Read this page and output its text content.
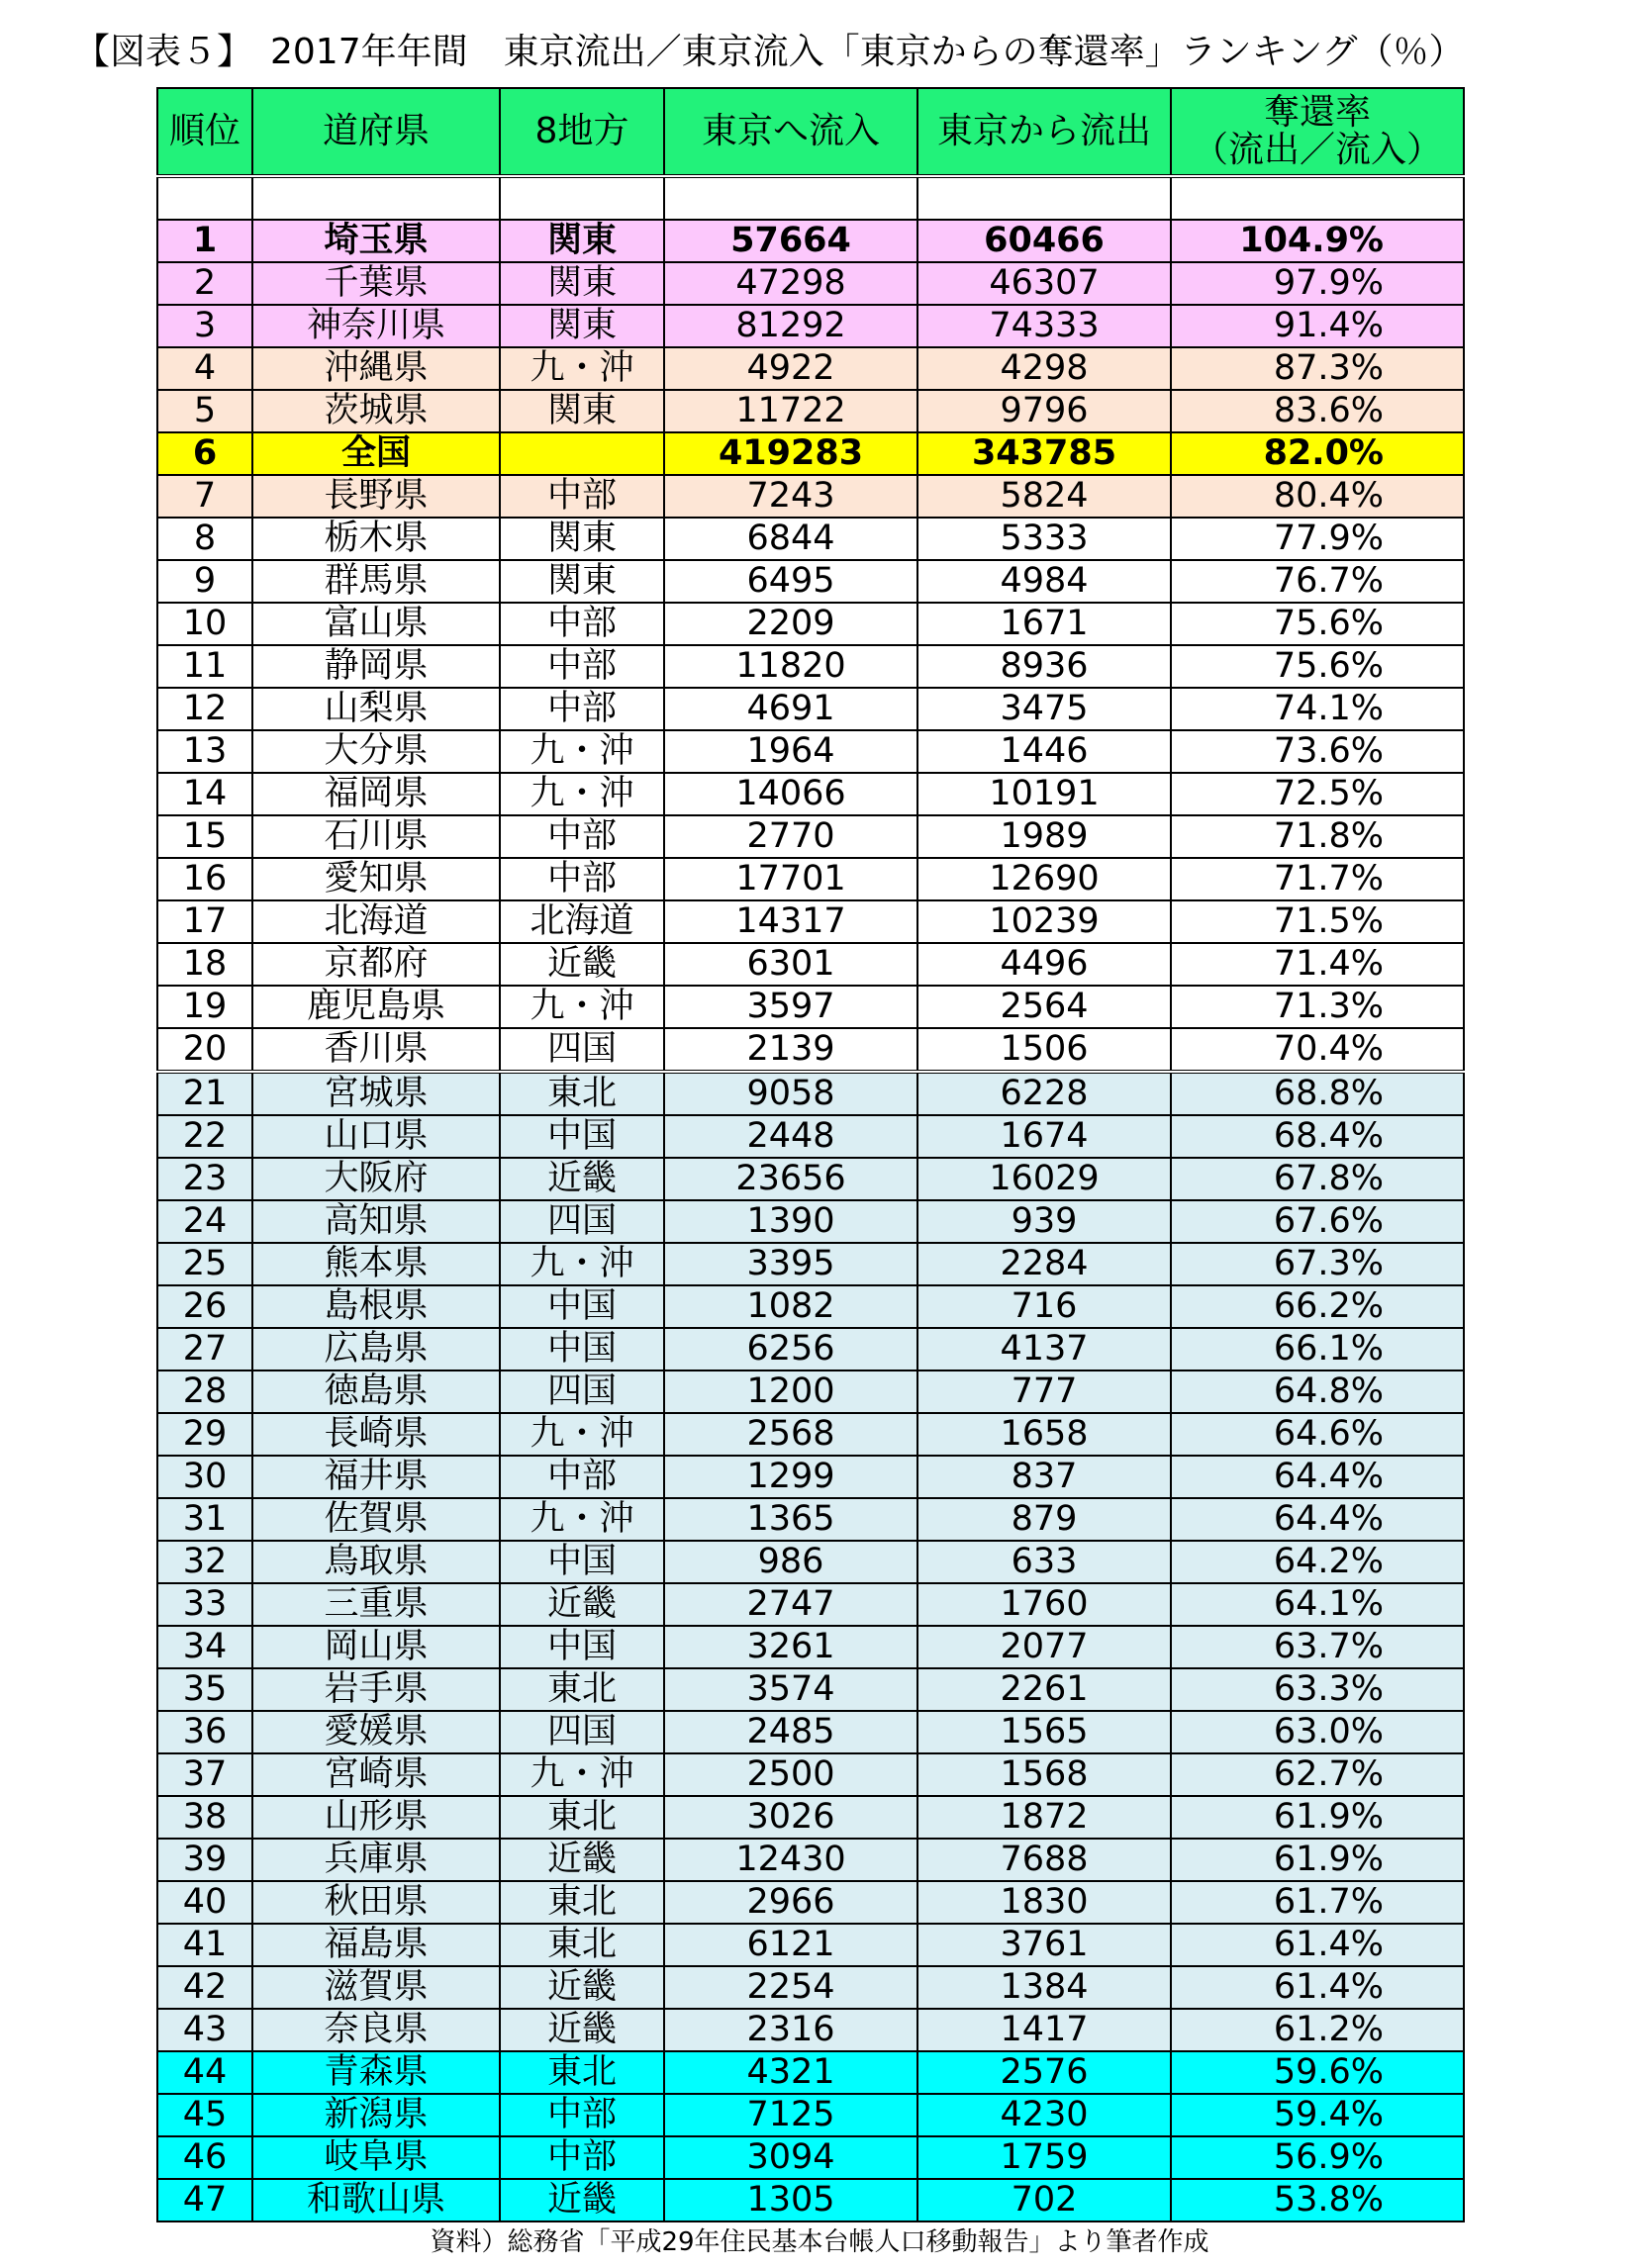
【図表５】　2017年年間　東京流出／東京流入「東京からの奪還率」ランキング（％）
順位	道府県	8地方	東京へ流入	東京から流出	奪還率
（流出／流入）

1	埼玉県	関東	57664	60466	104.9%
2	千葉県	関東	47298	46307	97.9%
3	神奈川県	関東	81292	74333	91.4%
4	沖縄県	九・沖	4922	4298	87.3%
5	茨城県	関東	11722	9796	83.6%
6	全国		419283	343785	82.0%
7	長野県	中部	7243	5824	80.4%
8	栃木県	関東	6844	5333	77.9%
9	群馬県	関東	6495	4984	76.7%
10	富山県	中部	2209	1671	75.6%
11	静岡県	中部	11820	8936	75.6%
12	山梨県	中部	4691	3475	74.1%
13	大分県	九・沖	1964	1446	73.6%
14	福岡県	九・沖	14066	10191	72.5%
15	石川県	中部	2770	1989	71.8%
16	愛知県	中部	17701	12690	71.7%
17	北海道	北海道	14317	10239	71.5%
18	京都府	近畿	6301	4496	71.4%
19	鹿児島県	九・沖	3597	2564	71.3%
20	香川県	四国	2139	1506	70.4%
21	宮城県	東北	9058	6228	68.8%
22	山口県	中国	2448	1674	68.4%
23	大阪府	近畿	23656	16029	67.8%
24	高知県	四国	1390	939	67.6%
25	熊本県	九・沖	3395	2284	67.3%
26	島根県	中国	1082	716	66.2%
27	広島県	中国	6256	4137	66.1%
28	徳島県	四国	1200	777	64.8%
29	長崎県	九・沖	2568	1658	64.6%
30	福井県	中部	1299	837	64.4%
31	佐賀県	九・沖	1365	879	64.4%
32	鳥取県	中国	986	633	64.2%
33	三重県	近畿	2747	1760	64.1%
34	岡山県	中国	3261	2077	63.7%
35	岩手県	東北	3574	2261	63.3%
36	愛媛県	四国	2485	1565	63.0%
37	宮崎県	九・沖	2500	1568	62.7%
38	山形県	東北	3026	1872	61.9%
39	兵庫県	近畿	12430	7688	61.9%
40	秋田県	東北	2966	1830	61.7%
41	福島県	東北	6121	3761	61.4%
42	滋賀県	近畿	2254	1384	61.4%
43	奈良県	近畿	2316	1417	61.2%
44	青森県	東北	4321	2576	59.6%
45	新潟県	中部	7125	4230	59.4%
46	岐阜県	中部	3094	1759	56.9%
47	和歌山県	近畿	1305	702	53.8%
資料）総務省「平成29年住民基本台帳人口移動報告」より筆者作成
